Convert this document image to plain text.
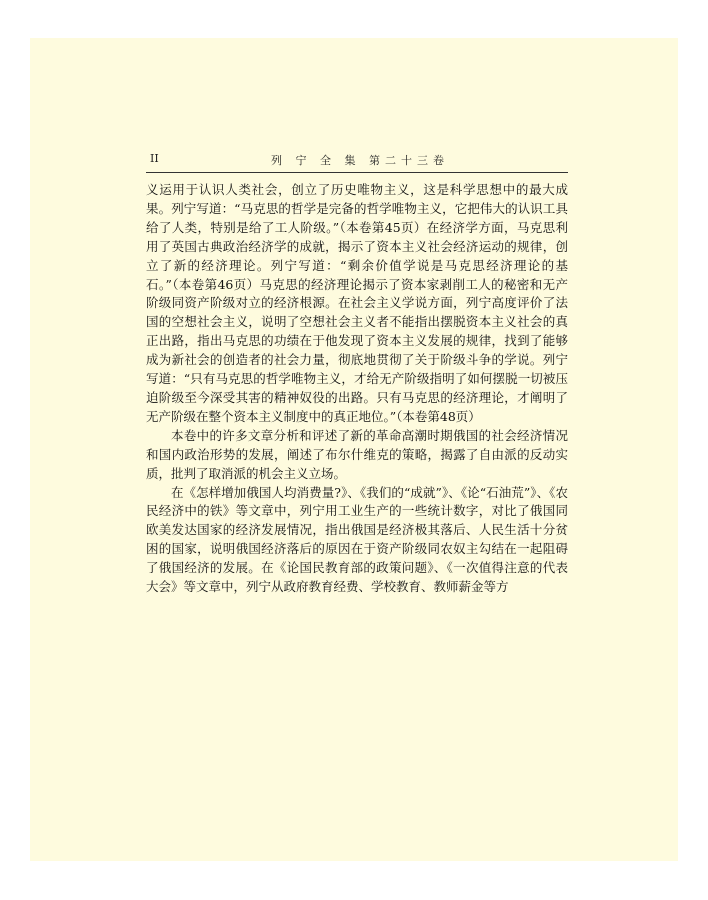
II	列 宁 全 集 第二十三卷

义运用于认识人类社会，创立了历史唯物主义，这是科学思想中的最大成果。列宁写道：“马克思的哲学是完备的哲学唯物主义，它把伟大的认识工具给了人类，特别是给了工人阶级。”（本卷第45页）在经济学方面，马克思利用了英国古典政治经济学的成就，揭示了资本主义社会经济运动的规律，创立了新的经济理论。列宁写道：“剩余价值学说是马克思经济理论的基石。”（本卷第46页）马克思的经济理论揭示了资本家剥削工人的秘密和无产阶级同资产阶级对立的经济根源。在社会主义学说方面，列宁高度评价了法国的空想社会主义，说明了空想社会主义者不能指出摆脱资本主义社会的真正出路，指出马克思的功绩在于他发现了资本主义发展的规律，找到了能够成为新社会的创造者的社会力量，彻底地贯彻了关于阶级斗争的学说。列宁写道：“只有马克思的哲学唯物主义，才给无产阶级指明了如何摆脱一切被压迫阶级至今深受其害的精神奴役的出路。只有马克思的经济理论，才阐明了无产阶级在整个资本主义制度中的真正地位。”（本卷第48页）

本卷中的许多文章分析和评述了新的革命高潮时期俄国的社会经济情况和国内政治形势的发展，阐述了布尔什维克的策略，揭露了自由派的反动实质，批判了取消派的机会主义立场。

在《怎样增加俄国人均消费量?》、《我们的“成就”》、《论“石油荒”》、《农民经济中的铁》等文章中，列宁用工业生产的一些统计数字，对比了俄国同欧美发达国家的经济发展情况，指出俄国是经济极其落后、人民生活十分贫困的国家，说明俄国经济落后的原因在于资产阶级同农奴主勾结在一起阻碍了俄国经济的发展。在《论国民教育部的政策问题》、《一次值得注意的代表大会》等文章中，列宁从政府教育经费、学校教育、教师薪金等方
